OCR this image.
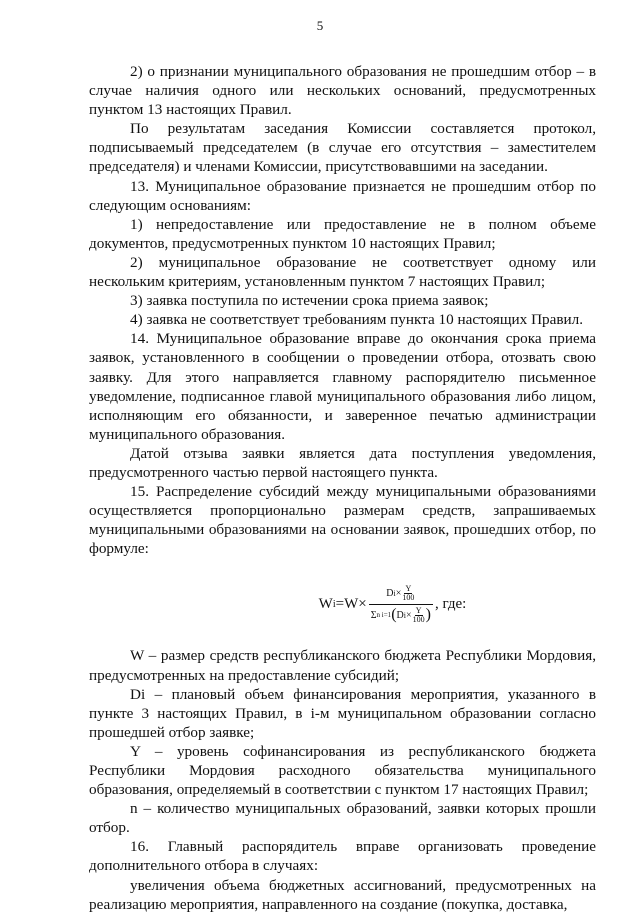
5

2) о признании муниципального образования не прошедшим отбор – в случае наличия одного или нескольких оснований, предусмотренных пунктом 13 настоящих Правил.

По результатам заседания Комиссии составляется протокол, подписываемый председателем (в случае его отсутствия – заместителем председателя) и членами Комиссии, присутствовавшими на заседании.

13. Муниципальное образование признается не прошедшим отбор по следующим основаниям:

1) непредоставление или предоставление не в полном объеме документов, предусмотренных пунктом 10 настоящих Правил;

2) муниципальное образование не соответствует одному или нескольким критериям, установленным пунктом 7 настоящих Правил;

3) заявка поступила по истечении срока приема заявок;

4) заявка не соответствует требованиям пункта 10 настоящих Правил.

14. Муниципальное образование вправе до окончания срока приема заявок, установленного в сообщении о проведении отбора, отозвать свою заявку. Для этого направляется главному распорядителю письменное уведомление, подписанное главой муниципального образования либо лицом, исполняющим его обязанности, и заверенное печатью администрации муниципального образования.

Датой отзыва заявки является дата поступления уведомления, предусмотренного частью первой настоящего пункта.

15. Распределение субсидий между муниципальными образованиями осуществляется пропорционально размерам средств, запрашиваемых муниципальными образованиями на основании заявок, прошедших отбор, по формуле:

W $i =W\times \frac{D i \times \frac{Y}{100}}{\Sigma n i=1 ( D i \times \frac{Y}{100} )}$ , где:

W – размер средств республиканского бюджета Республики Мордовия, предусмотренных на предоставление субсидий;

Di – плановый объем финансирования мероприятия, указанного в пункте 3 настоящих Правил, в i-м муниципальном образовании согласно прошедшей отбор заявке;

Y – уровень софинансирования из республиканского бюджета Республики Мордовия расходного обязательства муниципального образования, определяемый в соответствии с пунктом 17 настоящих Правил;

n – количество муниципальных образований, заявки которых прошли отбор.

16. Главный распорядитель вправе организовать проведение дополнительного отбора в случаях:

увеличения объема бюджетных ассигнований, предусмотренных на реализацию мероприятия, направленного на создание (покупка, доставка,
